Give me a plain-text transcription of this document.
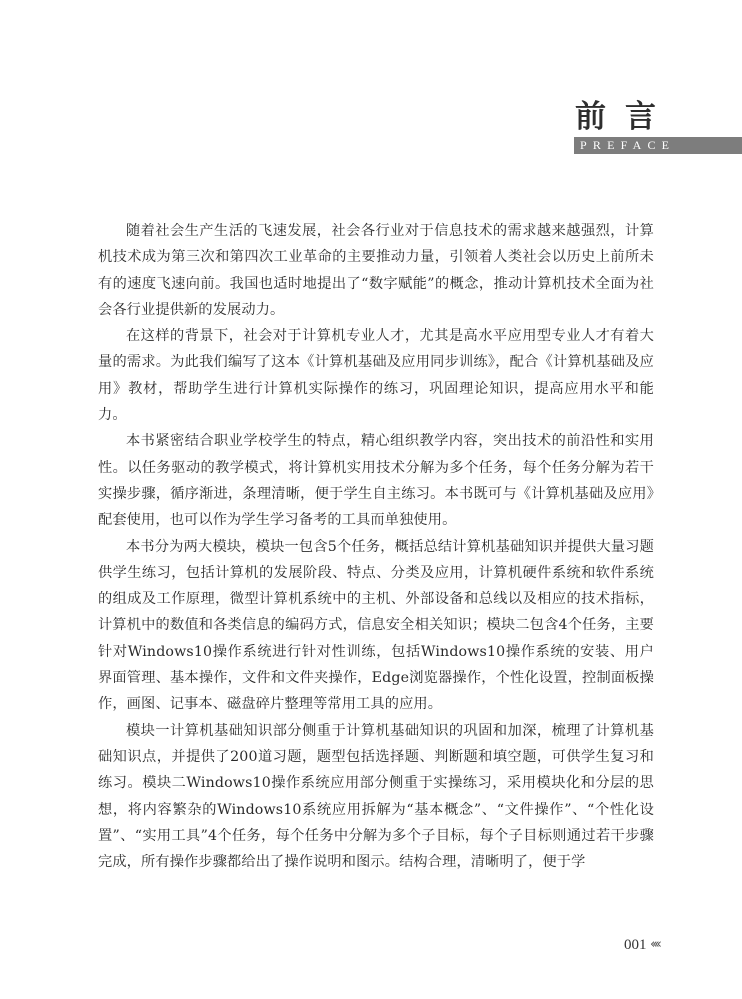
前言
PREFACE

随着社会生产生活的飞速发展，社会各行业对于信息技术的需求越来越强烈，计算机技术成为第三次和第四次工业革命的主要推动力量，引领着人类社会以历史上前所未有的速度飞速向前。我国也适时地提出了“数字赋能”的概念，推动计算机技术全面为社会各行业提供新的发展动力。

在这样的背景下，社会对于计算机专业人才，尤其是高水平应用型专业人才有着大量的需求。为此我们编写了这本《计算机基础及应用同步训练》，配合《计算机基础及应用》教材，帮助学生进行计算机实际操作的练习，巩固理论知识，提高应用水平和能力。

本书紧密结合职业学校学生的特点，精心组织教学内容，突出技术的前沿性和实用性。以任务驱动的教学模式，将计算机实用技术分解为多个任务，每个任务分解为若干实操步骤，循序渐进，条理清晰，便于学生自主练习。本书既可与《计算机基础及应用》配套使用，也可以作为学生学习备考的工具而单独使用。

本书分为两大模块，模块一包含5个任务，概括总结计算机基础知识并提供大量习题供学生练习，包括计算机的发展阶段、特点、分类及应用，计算机硬件系统和软件系统的组成及工作原理，微型计算机系统中的主机、外部设备和总线以及相应的技术指标，计算机中的数值和各类信息的编码方式，信息安全相关知识；模块二包含4个任务，主要针对Windows10操作系统进行针对性训练，包括Windows10操作系统的安装、用户界面管理、基本操作，文件和文件夹操作，Edge浏览器操作，个性化设置，控制面板操作，画图、记事本、磁盘碎片整理等常用工具的应用。

模块一计算机基础知识部分侧重于计算机基础知识的巩固和加深，梳理了计算机基础知识点，并提供了200道习题，题型包括选择题、判断题和填空题，可供学生复习和练习。模块二Windows10操作系统应用部分侧重于实操练习，采用模块化和分层的思想，将内容繁杂的Windows10系统应用拆解为“基本概念”、“文件操作”、“个性化设置”、“实用工具”4个任务，每个任务中分解为多个子目标，每个子目标则通过若干步骤完成，所有操作步骤都给出了操作说明和图示。结构合理，清晰明了，便于学

001 ‹‹‹‹
